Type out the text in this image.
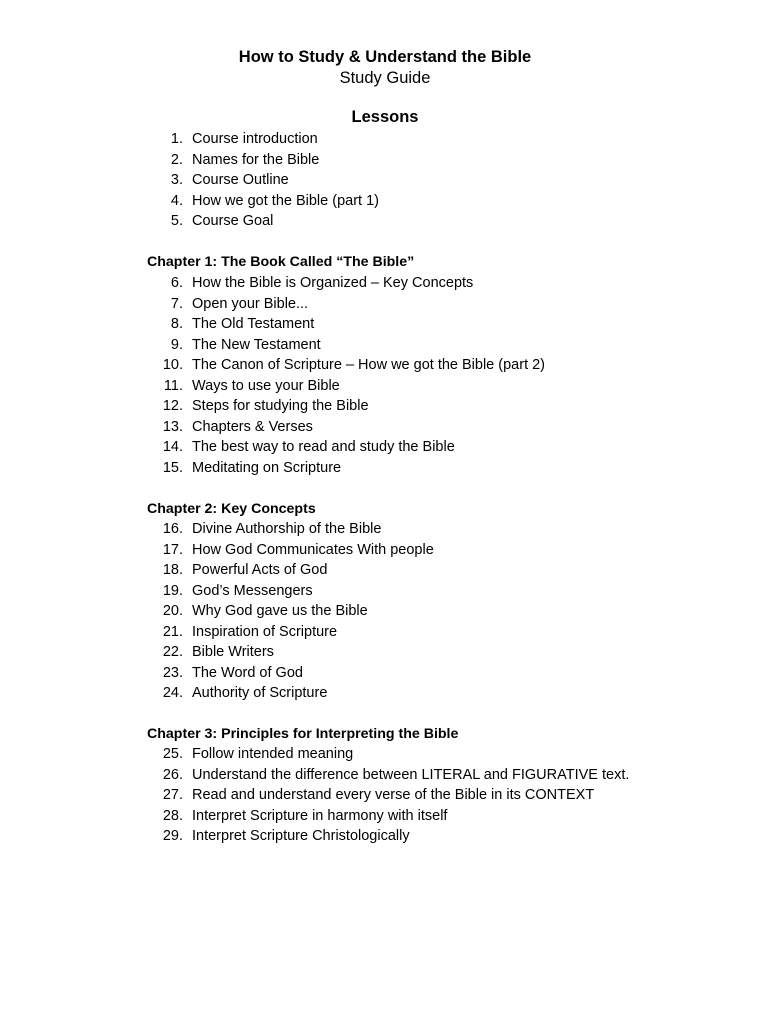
How to Study & Understand the Bible
Study Guide
Lessons
1. Course introduction
2. Names for the Bible
3. Course Outline
4. How we got the Bible (part 1)
5. Course Goal
Chapter 1: The Book Called “The Bible”
6. How the Bible is Organized – Key Concepts
7. Open your Bible...
8. The Old Testament
9. The New Testament
10. The Canon of Scripture – How we got the Bible (part 2)
11. Ways to use your Bible
12. Steps for studying the Bible
13. Chapters & Verses
14. The best way to read and study the Bible
15. Meditating on Scripture
Chapter 2: Key Concepts
16. Divine Authorship of the Bible
17. How God Communicates With people
18. Powerful Acts of God
19. God’s Messengers
20. Why God gave us the Bible
21. Inspiration of Scripture
22. Bible Writers
23. The Word of God
24. Authority of Scripture
Chapter 3: Principles for Interpreting the Bible
25. Follow intended meaning
26. Understand the difference between LITERAL and FIGURATIVE text.
27. Read and understand every verse of the Bible in its CONTEXT
28. Interpret Scripture in harmony with itself
29. Interpret Scripture Christologically
